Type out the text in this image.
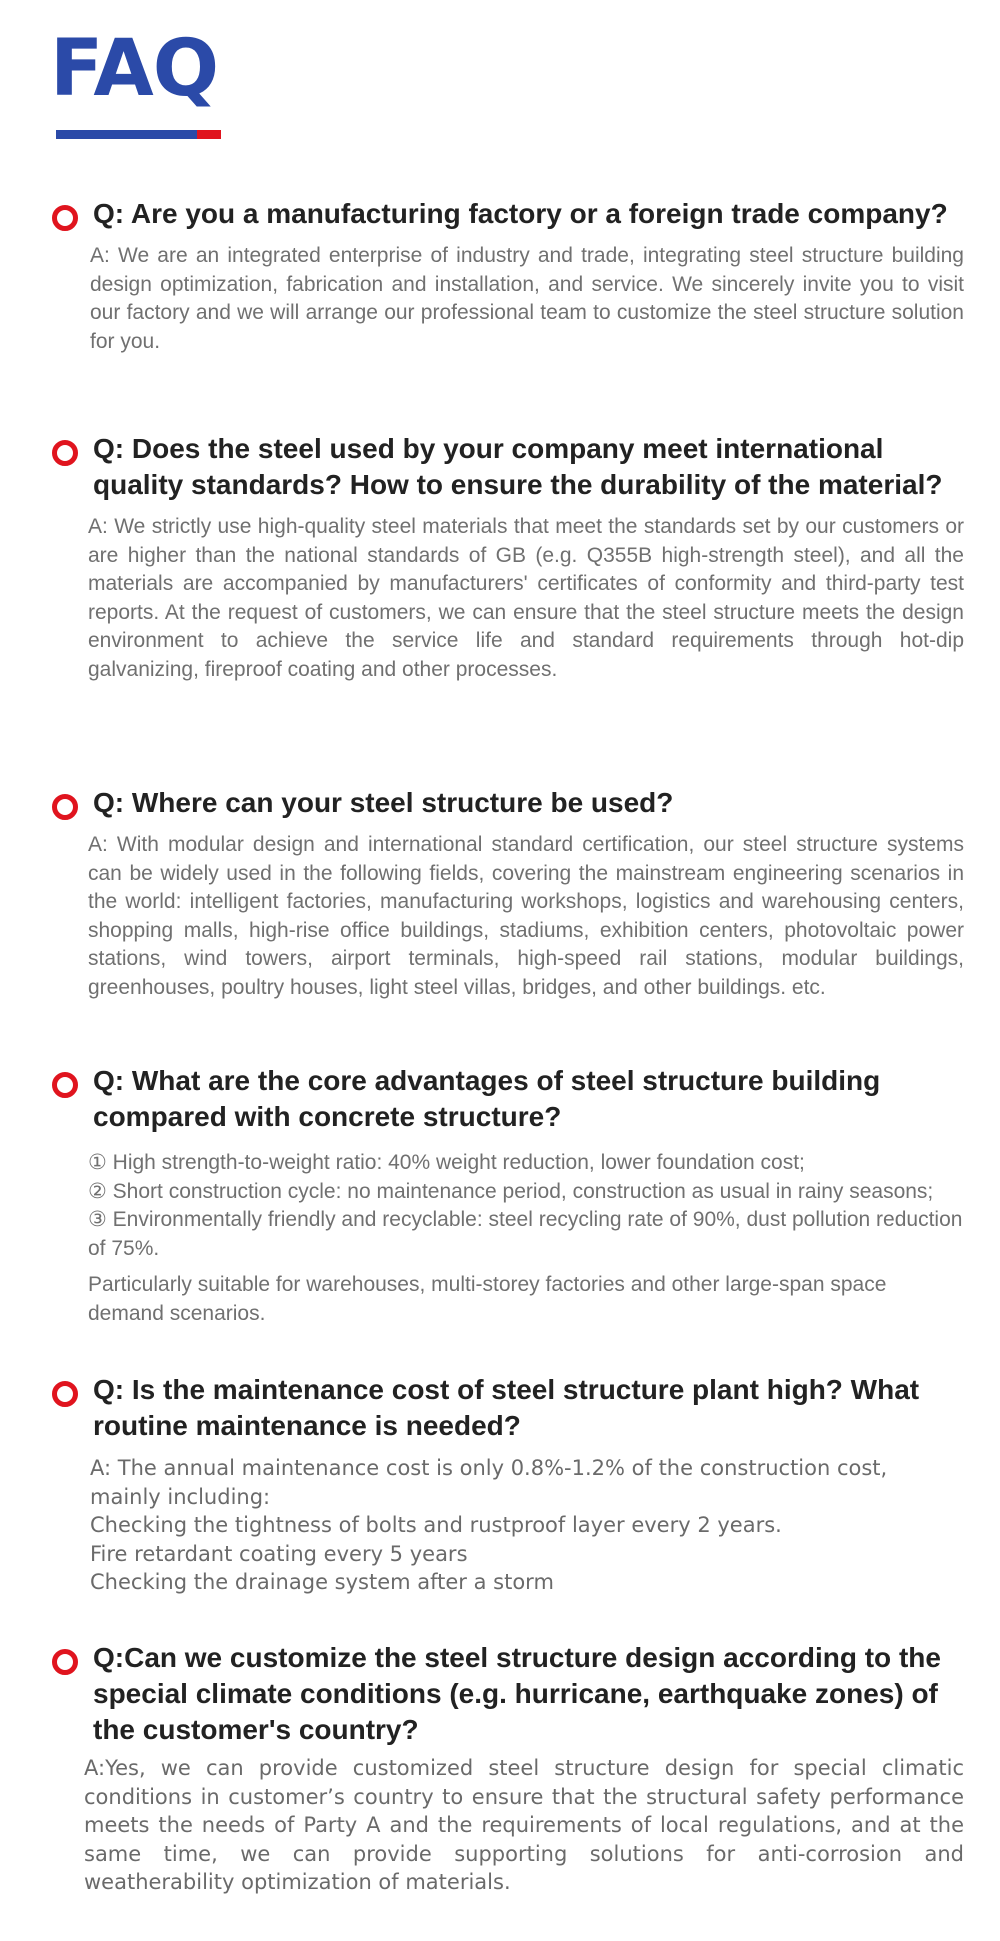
FAQ
Q: Are you a manufacturing factory or a foreign trade company?
A: We are an integrated enterprise of industry and trade, integrating steel structure building design optimization, fabrication and installation, and service. We sincerely invite you to visit our factory and we will arrange our professional team to customize the steel structure solution for you.
Q: Does the steel used by your company meet international quality standards? How to ensure the durability of the material?
A: We strictly use high-quality steel materials that meet the standards set by our customers or are higher than the national standards of GB (e.g. Q355B high-strength steel), and all the materials are accompanied by manufacturers' certificates of conformity and third-party test reports. At the request of customers, we can ensure that the steel structure meets the design environment to achieve the service life and standard requirements through hot-dip galvanizing, fireproof coating and other processes.
Q: Where can your steel structure be used?
A: With modular design and international standard certification, our steel structure systems can be widely used in the following fields, covering the mainstream engineering scenarios in the world: intelligent factories, manufacturing workshops, logistics and warehousing centers, shopping malls, high-rise office buildings, stadiums, exhibition centers, photovoltaic power stations, wind towers, airport terminals, high-speed rail stations, modular buildings, greenhouses, poultry houses, light steel villas, bridges, and other buildings. etc.
Q: What are the core advantages of steel structure building compared with concrete structure?

① High strength-to-weight ratio: 40% weight reduction, lower foundation cost;

② Short construction cycle: no maintenance period, construction as usual in rainy seasons;

③ Environmentally friendly and recyclable: steel recycling rate of 90%, dust pollution reduction of 75%.

Particularly suitable for warehouses, multi-storey factories and other large-span space demand scenarios.

Q: Is the maintenance cost of steel structure plant high? What routine maintenance is needed?

A: The annual maintenance cost is only 0.8%-1.2% of the construction cost, mainly including:

Checking the tightness of bolts and rustproof layer every 2 years.

Fire retardant coating every 5 years

Checking the drainage system after a storm

Q:Can we customize the steel structure design according to the special climate conditions (e.g. hurricane, earthquake zones) of the customer's country?
A:Yes, we can provide customized steel structure design for special climatic conditions in customer’s country to ensure that the structural safety performance meets the needs of Party A and the requirements of local regulations, and at the same time, we can provide supporting solutions for anti-corrosion and weatherability optimization of materials.
